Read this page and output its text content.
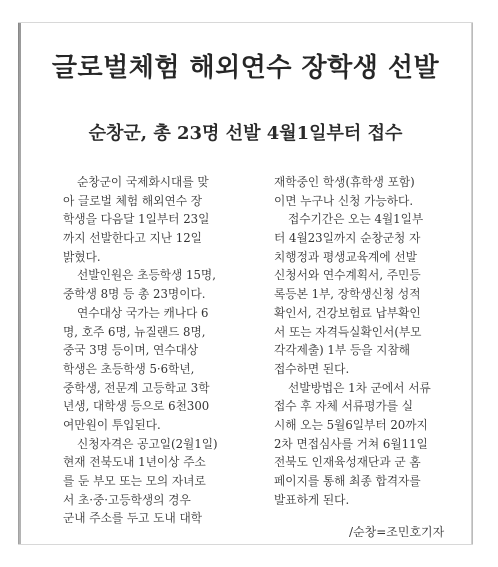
글로벌체험 해외연수 장학생 선발
순창군, 총 23명 선발 4월1일부터 접수
순창군이 국제화시대를 맞
아 글로벌 체험 해외연수 장
학생을 다음달 1일부터 23일
까지 선발한다고 지난 12일
밝혔다.
선발인원은 초등학생 15명,
중학생 8명 등 총 23명이다.
연수대상 국가는 캐나다 6
명, 호주 6명, 뉴질랜드 8명,
중국 3명 등이며, 연수대상
학생은 초등학생 5·6학년,
중학생, 전문계 고등학교 3학
년생, 대학생 등으로 6천300
여만원이 투입된다.
신청자격은 공고일(2월1일)
현재 전북도내 1년이상 주소
를 둔 부모 또는 모의 자녀로
서 초·중·고등학생의 경우
군내 주소를 두고 도내 대학
재학중인 학생(휴학생 포함)
이면 누구나 신청 가능하다.
접수기간은 오는 4월1일부
터 4월23일까지 순창군청 자
치행정과 평생교육계에 선발
신청서와 연수계획서, 주민등
록등본 1부, 장학생신청 성적
확인서, 건강보험료 납부확인
서 또는 자격득실확인서(부모
각각제출) 1부 등을 지참해
접수하면 된다.
선발방법은 1차 군에서 서류
접수 후 자체 서류평가를 실
시해 오는 5월6일부터 20까지
2차 면접심사를 거쳐 6월11일
전북도 인재육성재단과 군 홈
페이지를 통해 최종 합격자를
발표하게 된다.
/순창=조민호기자
